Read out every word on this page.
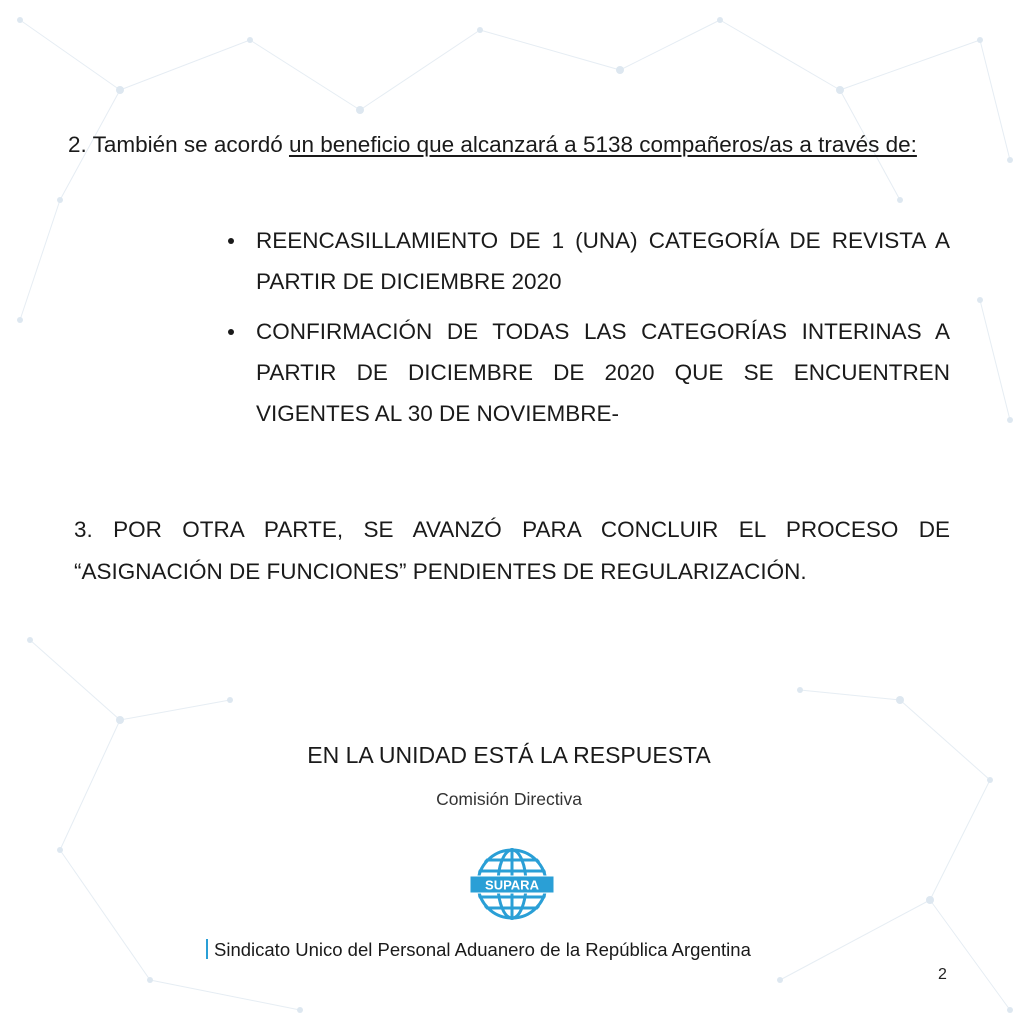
2. También se acordó un beneficio que alcanzará a 5138 compañeros/as a través de:
REENCASILLAMIENTO DE 1 (UNA) CATEGORÍA DE REVISTA A PARTIR DE DICIEMBRE 2020
CONFIRMACIÓN DE TODAS LAS CATEGORÍAS INTERINAS A PARTIR DE DICIEMBRE DE 2020 QUE SE ENCUENTREN VIGENTES AL 30 DE NOVIEMBRE-
3. POR OTRA PARTE, SE AVANZÓ PARA CONCLUIR EL PROCESO DE “ASIGNACIÓN DE FUNCIONES” PENDIENTES DE REGULARIZACIÓN.
EN LA UNIDAD ESTÁ LA RESPUESTA
Comisión Directiva
SUPARA
Sindicato Unico del Personal Aduanero de la República Argentina
2
